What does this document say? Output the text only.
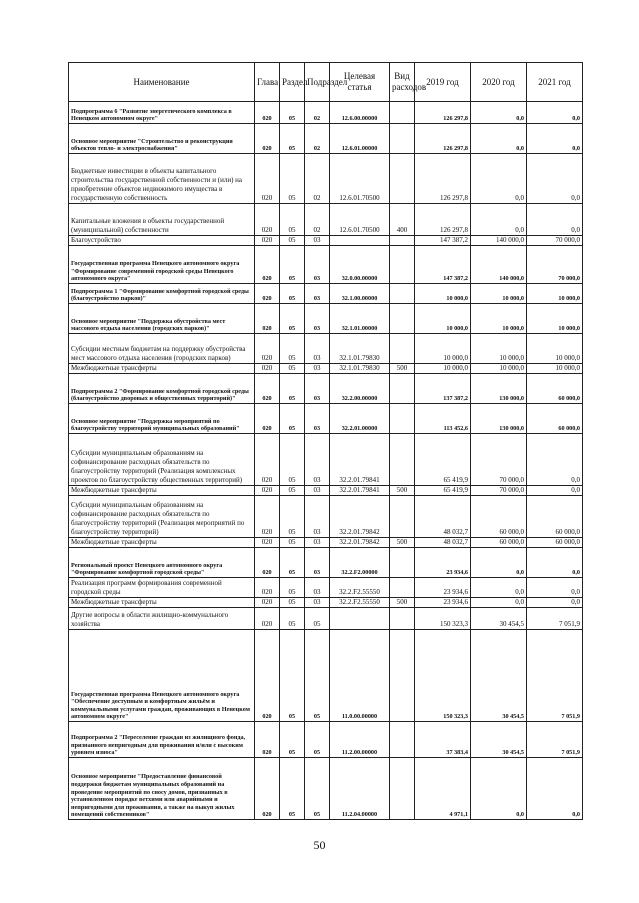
Наименование	Глава	Раздел	Подраздел	Целевая статья	Вид расходов	2019 год	2020 год	2021 год
Подпрограмма 6 "Развитие энергетического комплекса в Ненецком автономном округе"	020	05	02	12.6.00.00000		126 297,8	0,0	0,0
Основное мероприятие "Строительство и реконструкция объектов тепло- и электроснабжения"	020	05	02	12.6.01.00000		126 297,8	0,0	0,0
Бюджетные инвестиции в объекты капитального строительства государственной собственности и (или) на приобретение объектов недвижимого имущества в государственную собственность	020	05	02	12.6.01.70500		126 297,8	0,0	0,0
Капитальные вложения в объекты государственной (муниципальной) собственности	020	05	02	12.6.01.70500	400	126 297,8	0,0	0,0
Благоустройство	020	05	03			147 387,2	140 000,0	70 000,0
Государственная программа Ненецкого автономного округа "Формирование современной городской среды Ненецкого автономного округа"	020	05	03	32.0.00.00000		147 387,2	140 000,0	70 000,0
Подпрограмма 1 "Формирование комфортной городской среды (благоустройство парков)"	020	05	03	32.1.00.00000		10 000,0	10 000,0	10 000,0
Основное мероприятие "Поддержка обустройства мест массового отдыха населения (городских парков)"	020	05	03	32.1.01.00000		10 000,0	10 000,0	10 000,0
Субсидии местным бюджетам на поддержку обустройства мест массового отдыха населения (городских парков)	020	05	03	32.1.01.79830		10 000,0	10 000,0	10 000,0
Межбюджетные трансферты	020	05	03	32.1.01.79830	500	10 000,0	10 000,0	10 000,0
Подпрограмма 2 "Формирование комфортной городской среды (благоустройство дворовых и общественных территорий)"	020	05	03	32.2.00.00000		137 387,2	130 000,0	60 000,0
Основное мероприятие "Поддержка мероприятий по благоустройству территорий муниципальных образований"	020	05	03	32.2.01.00000		113 452,6	130 000,0	60 000,0
Субсидии муниципальным образованиям на софинансирование расходных обязательств по благоустройству территорий (Реализация комплексных проектов по благоустройству общественных территорий)	020	05	03	32.2.01.79841		65 419,9	70 000,0	0,0
Межбюджетные трансферты	020	05	03	32.2.01.79841	500	65 419,9	70 000,0	0,0
Субсидии муниципальным образованиям на софинансирование расходных обязательств по благоустройству территорий (Реализация мероприятий по благоустройству территорий)	020	05	03	32.2.01.79842		48 032,7	60 000,0	60 000,0
Межбюджетные трансферты	020	05	03	32.2.01.79842	500	48 032,7	60 000,0	60 000,0
Региональный проект Ненецкого автономного округа "Формирование комфортной городской среды"	020	05	03	32.2.F2.00000		23 934,6	0,0	0,0
Реализация программ формирования современной городской среды	020	05	03	32.2.F2.55550		23 934,6	0,0	0,0
Межбюджетные трансферты	020	05	03	32.2.F2.55550	500	23 934,6	0,0	0,0
Другие вопросы в области жилищно-коммунального хозяйства	020	05	05			150 323,3	30 454,5	7 051,9
Государственная программа Ненецкого автономного округа "Обеспечение доступным и комфортным жильём и коммунальными услугами граждан, проживающих в Ненецком автономном округе"	020	05	05	11.0.00.00000		150 323,3	30 454,5	7 051,9
Подпрограмма 2 "Переселение граждан из жилищного фонда, признанного непригодным для проживания и/или с высоким уровнем износа"	020	05	05	11.2.00.00000		37 383,4	30 454,5	7 051,9
Основное мероприятие "Предоставление финансовой поддержки бюджетам муниципальных образований на проведение мероприятий по сносу домов, признанных в установленном порядке ветхими или аварийными и непригодными для проживания, а также на выкуп жилых помещений собственников"	020	05	05	11.2.04.00000		4 971,1	0,0	0,0
50
